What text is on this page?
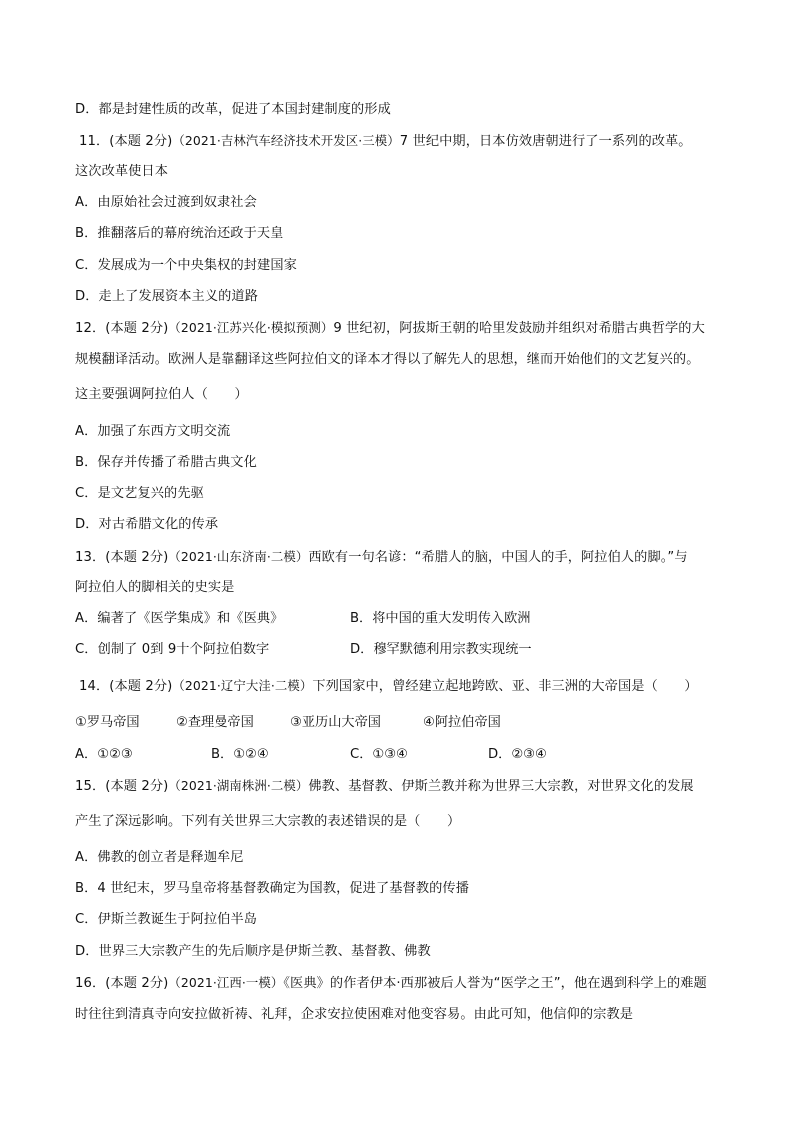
D．都是封建性质的改革，促进了本国封建制度的形成
11．(本题 2分)（2021·吉林汽车经济技术开发区·三模）7 世纪中期，日本仿效唐朝进行了一系列的改革。
这次改革使日本
A．由原始社会过渡到奴隶社会
B．推翻落后的幕府统治还政于天皇
C．发展成为一个中央集权的封建国家
D．走上了发展资本主义的道路
12．(本题 2分)（2021·江苏兴化·模拟预测）9 世纪初，阿拔斯王朝的哈里发鼓励并组织对希腊古典哲学的大
规模翻译活动。欧洲人是靠翻译这些阿拉伯文的译本才得以了解先人的思想，继而开始他们的文艺复兴的。
这主要强调阿拉伯人（　　）
A．加强了东西方文明交流
B．保存并传播了希腊古典文化
C．是文艺复兴的先驱
D．对古希腊文化的传承
13．(本题 2分)（2021·山东济南·二模）西欧有一句名谚：“希腊人的脑，中国人的手，阿拉伯人的脚。”与
阿拉伯人的脚相关的史实是
A．编著了《医学集成》和《医典》	B．将中国的重大发明传入欧洲
C．创制了 0到 9十个阿拉伯数字	D．穆罕默德利用宗教实现统一
14．(本题 2分)（2021·辽宁大洼·二模）下列国家中，曾经建立起地跨欧、亚、非三洲的大帝国是（　　）
①罗马帝国	②查理曼帝国	③亚历山大帝国	④阿拉伯帝国
A．①②③	B．①②④	C．①③④	D．②③④
15．(本题 2分)（2021·湖南株洲·二模）佛教、基督教、伊斯兰教并称为世界三大宗教，对世界文化的发展
产生了深远影响。下列有关世界三大宗教的表述错误的是（　　）
A．佛教的创立者是释迦牟尼
B．4 世纪末，罗马皇帝将基督教确定为国教，促进了基督教的传播
C．伊斯兰教诞生于阿拉伯半岛
D．世界三大宗教产生的先后顺序是伊斯兰教、基督教、佛教
16．(本题 2分)（2021·江西·一模）《医典》的作者伊本·西那被后人誉为“医学之王”，他在遇到科学上的难题
时往往到清真寺向安拉做祈祷、礼拜，企求安拉使困难对他变容易。由此可知，他信仰的宗教是
